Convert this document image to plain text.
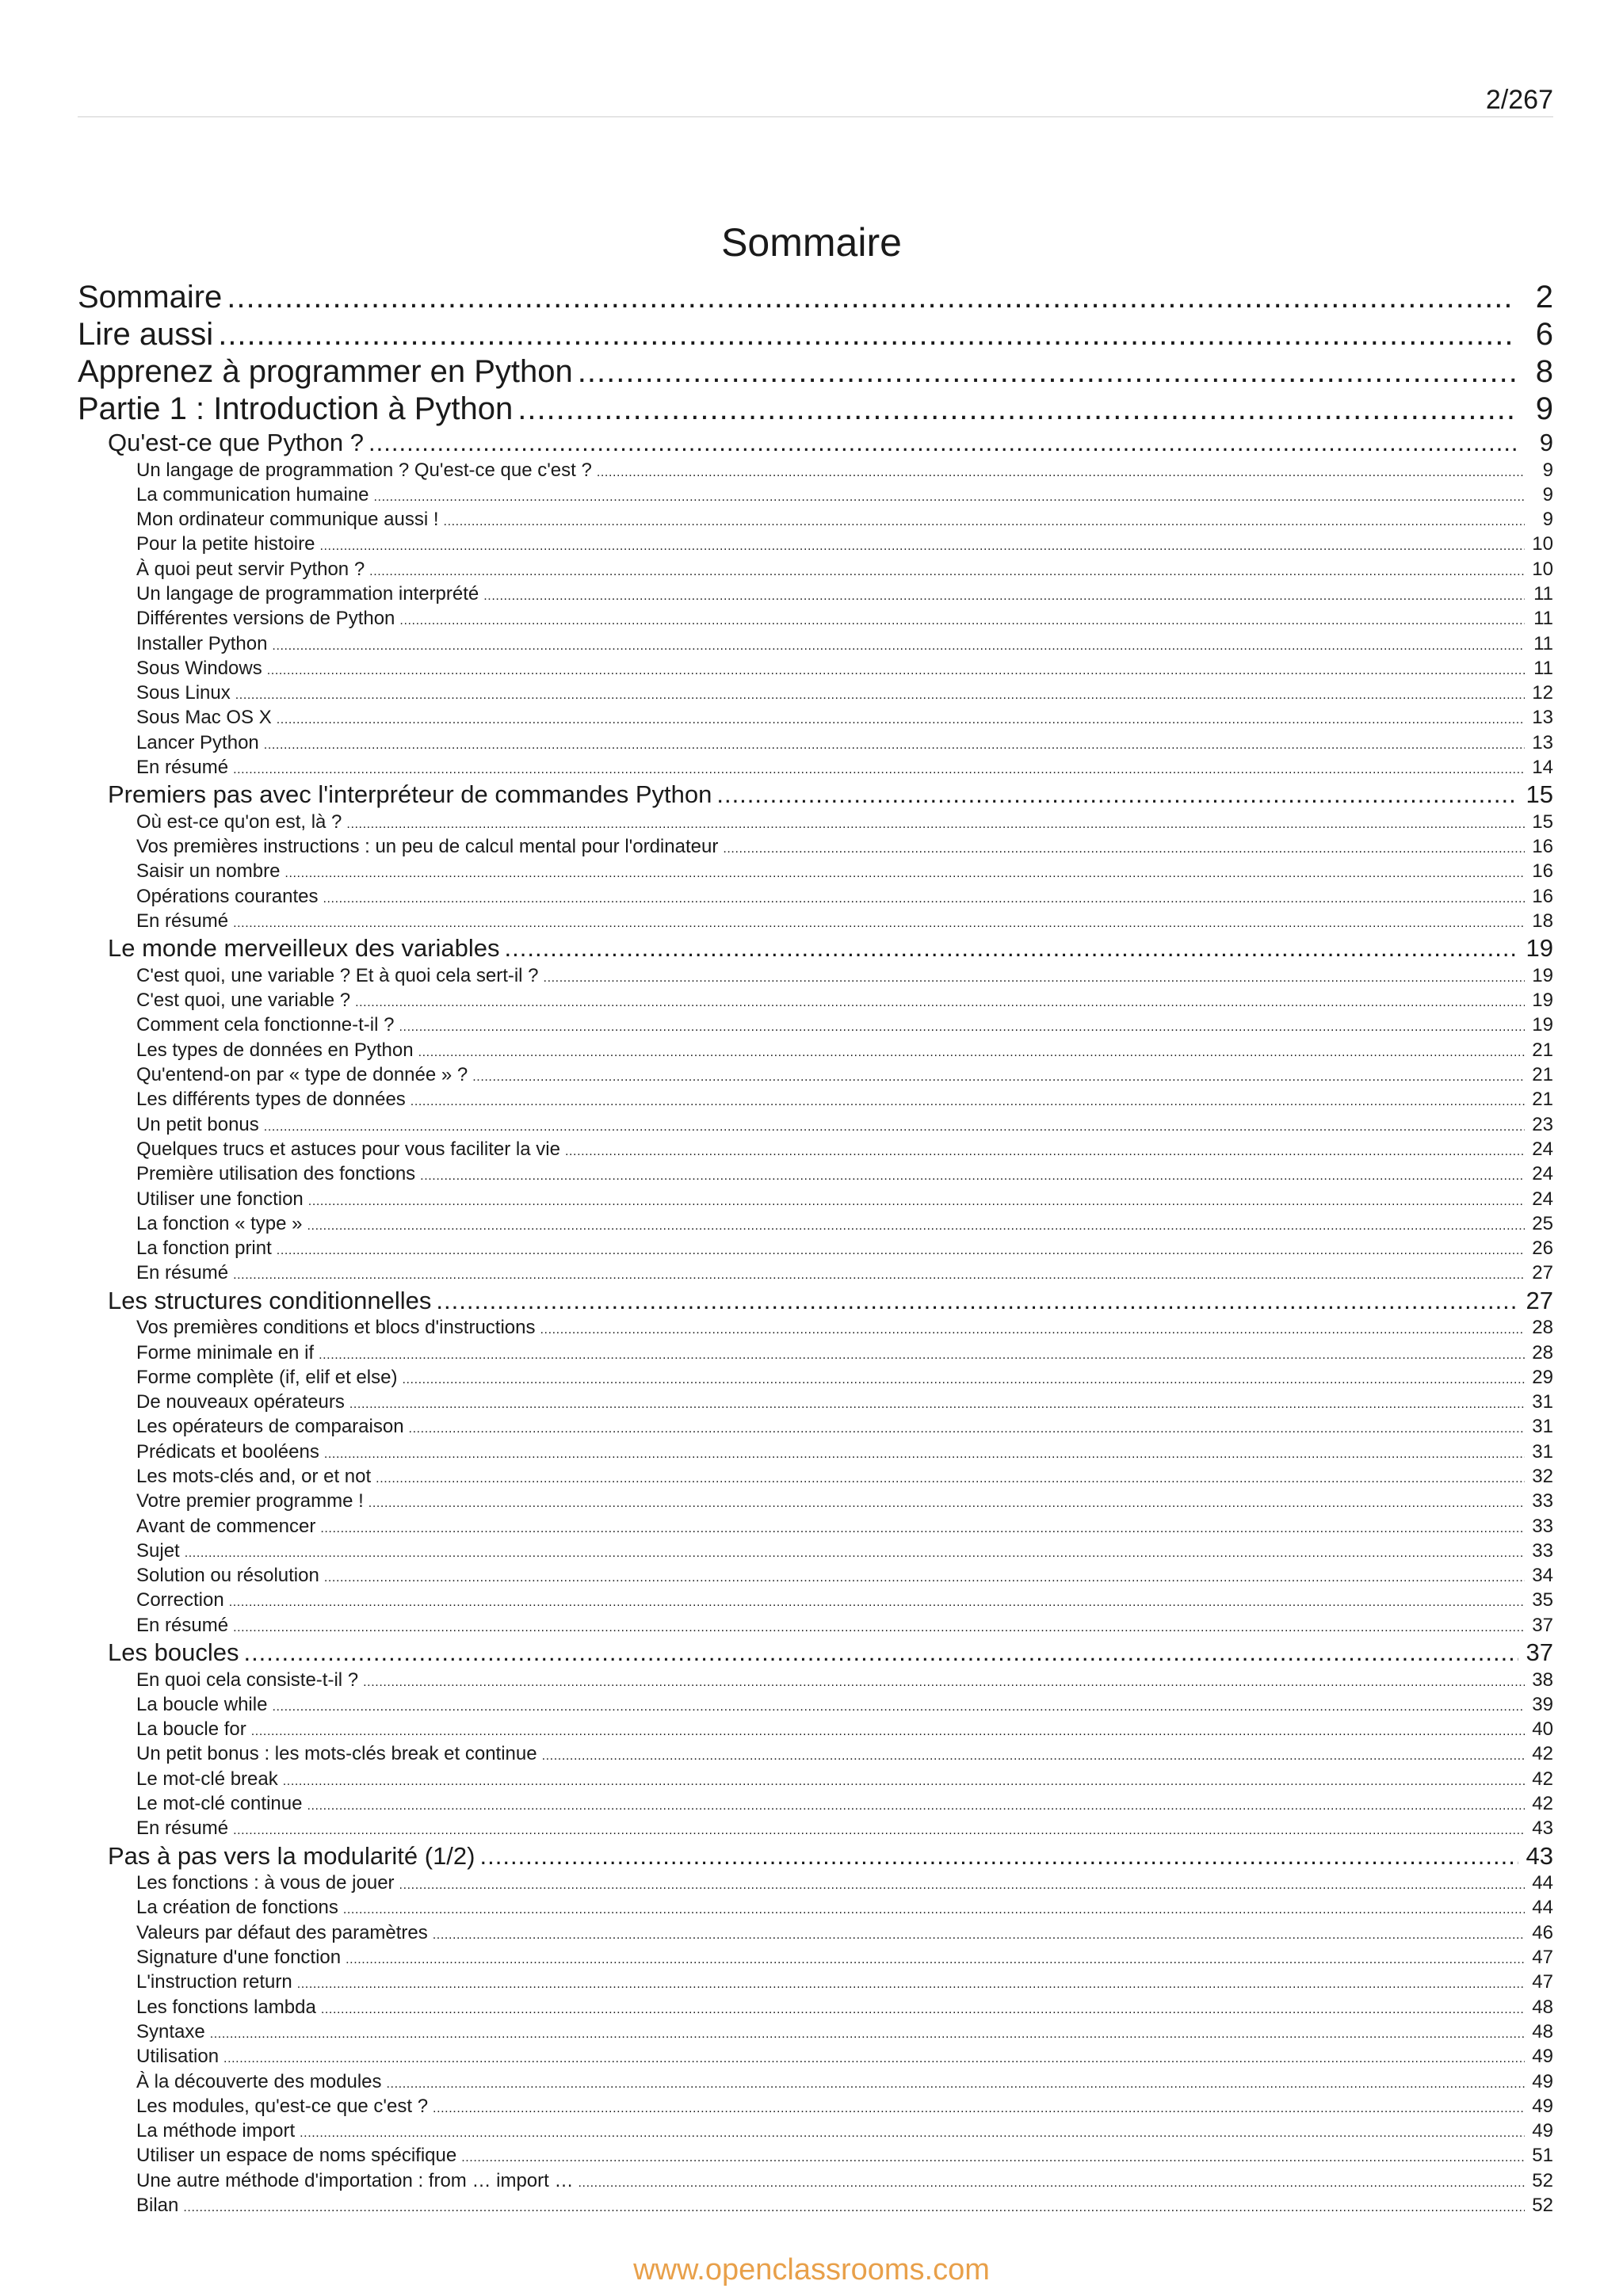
2/267
Sommaire
Sommaire .....	2
Lire aussi .....	6
Apprenez à programmer en Python .....	8
Partie 1 : Introduction à Python .....	9
Qu'est-ce que Python ? .....	9
Un langage de programmation ? Qu'est-ce que c'est ? .....	9
La communication humaine .....	9
Mon ordinateur communique aussi ! .....	9
Pour la petite histoire .....	10
À quoi peut servir Python ? .....	10
Un langage de programmation interprété .....	11
Différentes versions de Python .....	11
Installer Python .....	11
Sous Windows .....	11
Sous Linux .....	12
Sous Mac OS X .....	13
Lancer Python .....	13
En résumé .....	14
Premiers pas avec l'interpréteur de commandes Python .....	15
Où est-ce qu'on est, là ? .....	15
Vos premières instructions : un peu de calcul mental pour l'ordinateur .....	16
Saisir un nombre .....	16
Opérations courantes .....	16
En résumé .....	18
Le monde merveilleux des variables .....	19
C'est quoi, une variable ? Et à quoi cela sert-il ? .....	19
C'est quoi, une variable ? .....	19
Comment cela fonctionne-t-il ? .....	19
Les types de données en Python .....	21
Qu'entend-on par « type de donnée » ? .....	21
Les différents types de données .....	21
Un petit bonus .....	23
Quelques trucs et astuces pour vous faciliter la vie .....	24
Première utilisation des fonctions .....	24
Utiliser une fonction .....	24
La fonction « type » .....	25
La fonction print .....	26
En résumé .....	27
Les structures conditionnelles .....	27
Vos premières conditions et blocs d'instructions .....	28
Forme minimale en if .....	28
Forme complète (if, elif et else) .....	29
De nouveaux opérateurs .....	31
Les opérateurs de comparaison .....	31
Prédicats et booléens .....	31
Les mots-clés and, or et not .....	32
Votre premier programme ! .....	33
Avant de commencer .....	33
Sujet .....	33
Solution ou résolution .....	34
Correction .....	35
En résumé .....	37
Les boucles .....	37
En quoi cela consiste-t-il ? .....	38
La boucle while .....	39
La boucle for .....	40
Un petit bonus : les mots-clés break et continue .....	42
Le mot-clé break .....	42
Le mot-clé continue .....	42
En résumé .....	43
Pas à pas vers la modularité (1/2) .....	43
Les fonctions : à vous de jouer .....	44
La création de fonctions .....	44
Valeurs par défaut des paramètres .....	46
Signature d'une fonction .....	47
L'instruction return .....	47
Les fonctions lambda .....	48
Syntaxe .....	48
Utilisation .....	49
À la découverte des modules .....	49
Les modules, qu'est-ce que c'est ? .....	49
La méthode import .....	49
Utiliser un espace de noms spécifique .....	51
Une autre méthode d'importation : from … import … .....	52
Bilan .....	52
www.openclassrooms.com
